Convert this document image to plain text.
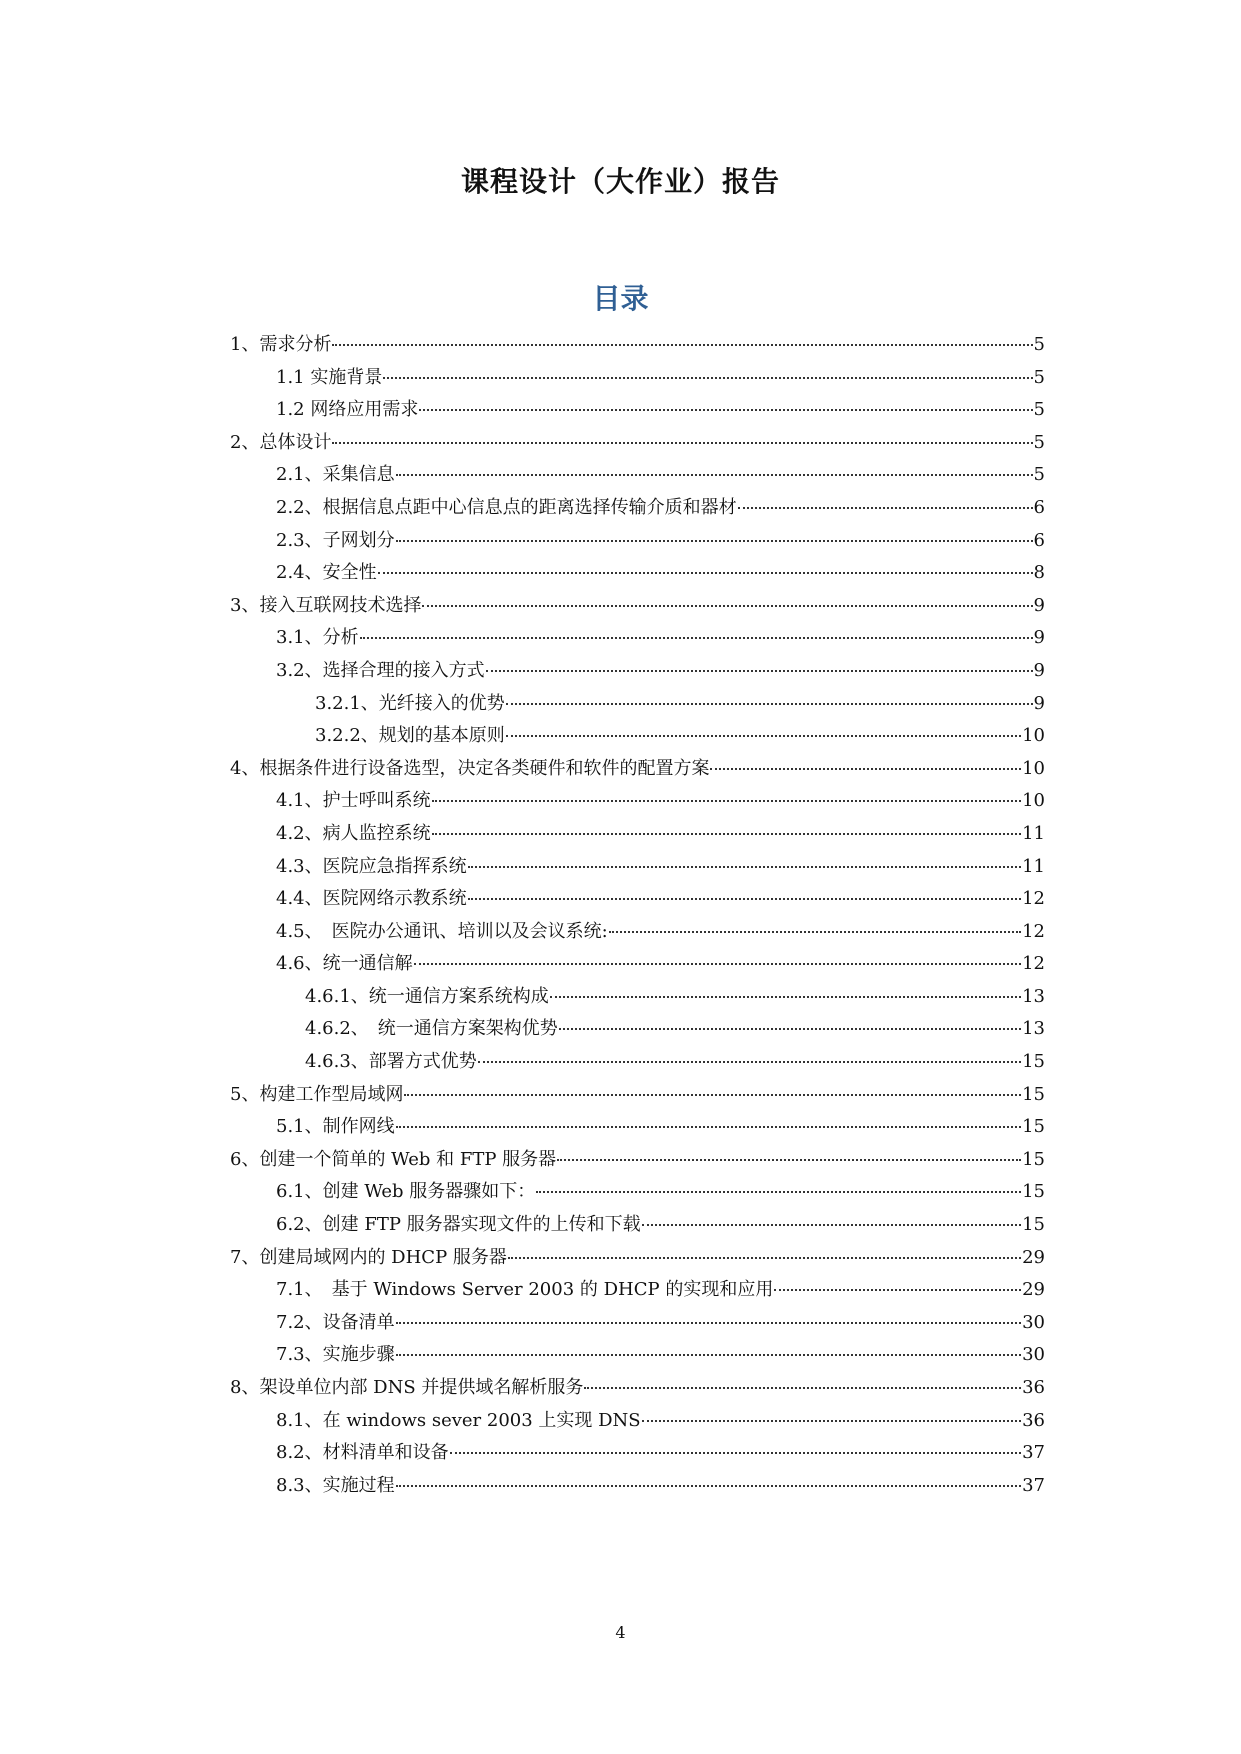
课程设计（大作业）报告
目录
1、需求分析	5
1.1 实施背景	5
1.2 网络应用需求	5
2、总体设计	5
2.1、采集信息	5
2.2、根据信息点距中心信息点的距离选择传输介质和器材	6
2.3、子网划分	6
2.4、安全性	8
3、接入互联网技术选择	9
3.1、分析	9
3.2、选择合理的接入方式	9
3.2.1、光纤接入的优势	9
3.2.2、规划的基本原则	10
4、根据条件进行设备选型，决定各类硬件和软件的配置方案	10
4.1、护士呼叫系统	10
4.2、病人监控系统	11
4.3、医院应急指挥系统	11
4.4、医院网络示教系统	12
4.5、　医院办公通讯、培训以及会议系统:	12
4.6、统一通信解	12
4.6.1、统一通信方案系统构成	13
4.6.2、　统一通信方案架构优势	13
4.6.3、部署方式优势	15
5、构建工作型局域网	15
5.1、制作网线	15
6、创建一个简单的 Web 和 FTP 服务器	15
6.1、创建 Web 服务器骤如下：	15
6.2、创建 FTP 服务器实现文件的上传和下载	15
7、创建局域网内的 DHCP 服务器	29
7.1、　基于 Windows Server 2003 的 DHCP 的实现和应用	29
7.2、设备清单	30
7.3、实施步骤	30
8、架设单位内部 DNS 并提供域名解析服务	36
8.1、在 windows sever 2003 上实现 DNS	36
8.2、材料清单和设备	37
8.3、实施过程	37
4
